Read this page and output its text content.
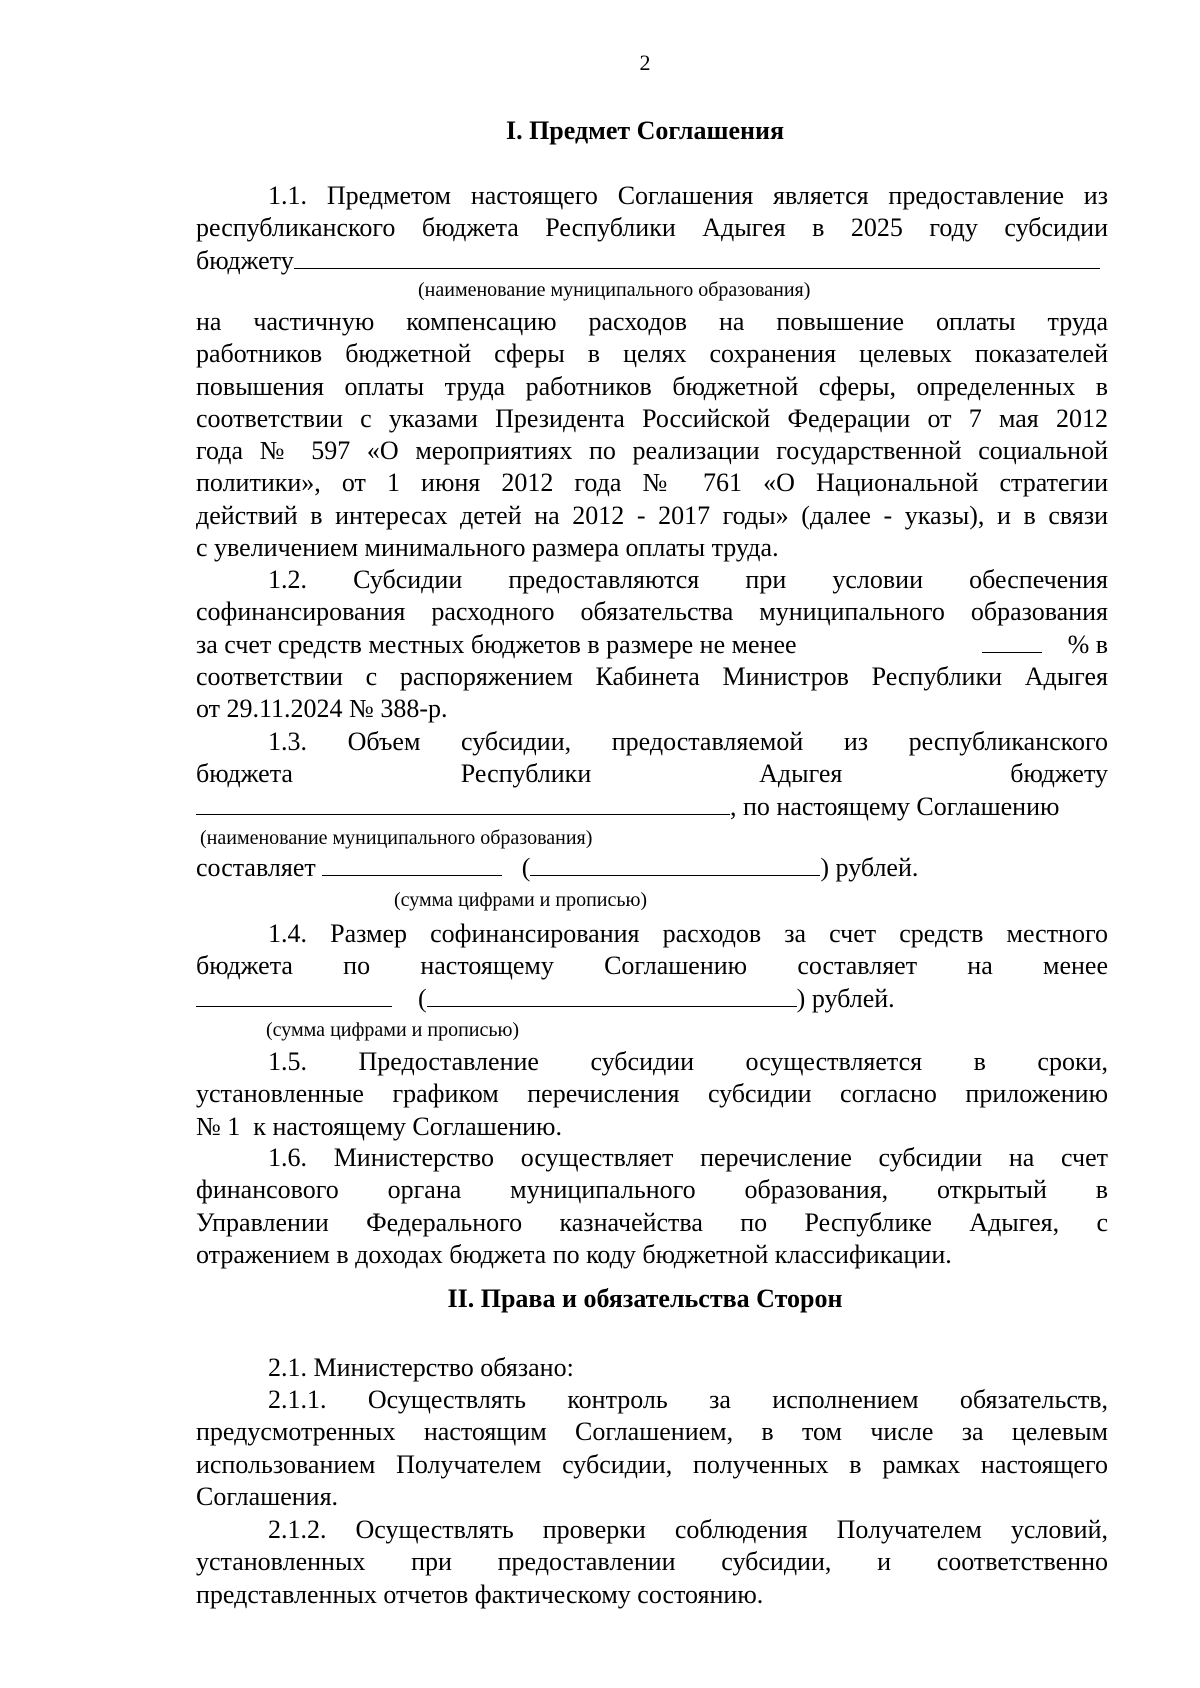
2
I. Предмет Соглашения
1.1. Предметом настоящего Соглашения является предоставление из
республиканского бюджета Республики Адыгея в 2025 году субсидии
бюджету
(наименование муниципального образования)
на частичную компенсацию расходов на повышение оплаты труда
работников бюджетной сферы в целях сохранения целевых показателей
повышения оплаты труда работников бюджетной сферы, определенных в
соответствии с указами Президента Российской Федерации от 7 мая 2012
года № 597 «О мероприятиях по реализации государственной социальной
политики», от 1 июня 2012 года № 761 «О Национальной стратегии
действий в интересах детей на 2012 - 2017 годы» (далее - указы), и в связи
с увеличением минимального размера оплаты труда.
1.2. Субсидии предоставляются при условии обеспечения
софинансирования расходного обязательства муниципального образования
за счет средств местных бюджетов в размере не менее	% в
соответствии с распоряжением Кабинета Министров Республики Адыгея
от 29.11.2024 № 388-р.
1.3. Объем субсидии, предоставляемой из республиканского
бюджета Республики Адыгея бюджету
, по настоящему Соглашению
(наименование муниципального образования)
составляет	(	) рублей.
(сумма цифрами и прописью)
1.4. Размер софинансирования расходов за счет средств местного
бюджета по настоящему Соглашению составляет на менее
(	) рублей.
(сумма цифрами и прописью)
1.5. Предоставление субсидии осуществляется в сроки,
установленные графиком перечисления субсидии согласно приложению
№ 1  к настоящему Соглашению.
1.6. Министерство осуществляет перечисление субсидии на счет
финансового органа муниципального образования, открытый в
Управлении Федерального казначейства по Республике Адыгея, с
отражением в доходах бюджета по коду бюджетной классификации.
II. Права и обязательства Сторон
2.1. Министерство обязано:
2.1.1. Осуществлять контроль за исполнением обязательств,
предусмотренных настоящим Соглашением, в том числе за целевым
использованием Получателем субсидии, полученных в рамках настоящего
Соглашения.
2.1.2. Осуществлять проверки соблюдения Получателем условий,
установленных при предоставлении субсидии, и соответственно
представленных отчетов фактическому состоянию.
